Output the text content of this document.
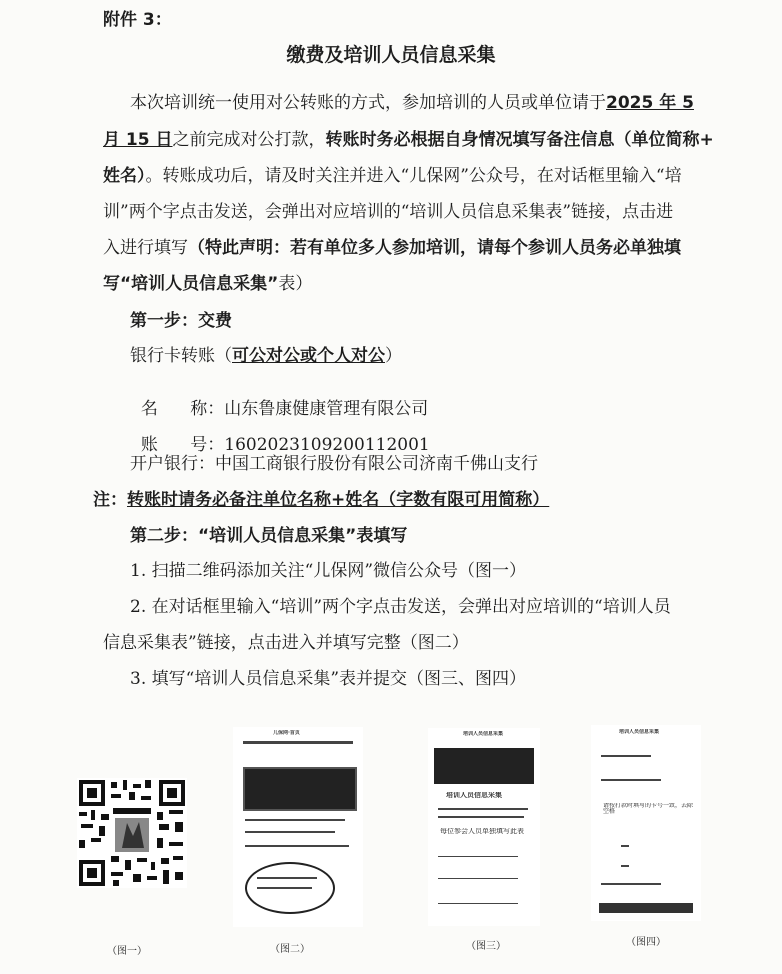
附件 3：
缴费及培训人员信息采集
本次培训统一使用对公转账的方式，参加培训的人员或单位请于2025 年 5
月 15 日之前完成对公打款，转账时务必根据自身情况填写备注信息（单位简称+
姓名）。转账成功后，请及时关注并进入“儿保网”公众号，在对话框里输入“培
训”两个字点击发送，会弹出对应培训的“培训人员信息采集表”链接，点击进
入进行填写（特此声明：若有单位多人参加培训，请每个参训人员务必单独填
写“培训人员信息采集”表）
第一步：交费
银行卡转账（可公对公或个人对公）

名      称：山东鲁康健康管理有限公司

账      号：1602023109200112001

开户银行：中国工商银行股份有限公司济南千佛山支行
注：转账时请务必备注单位名称+姓名（字数有限可用简称）
第二步：“培训人员信息采集”表填写
1. 扫描二维码添加关注“儿保网”微信公众号（图一）
2. 在对话框里输入“培训”两个字点击发送，会弹出对应培训的“培训人员
信息采集表”链接，点击进入并填写完整（图二）
3. 填写“培训人员信息采集”表并提交（图三、图四）
（图一）
儿保网·首页
（图二）
培训人员信息采集
培训人员信息采集
每位参会人员单独填写此表
（图三）
培训人员信息采集
请按打款时填写的卡号一致，去除空格
（图四）
